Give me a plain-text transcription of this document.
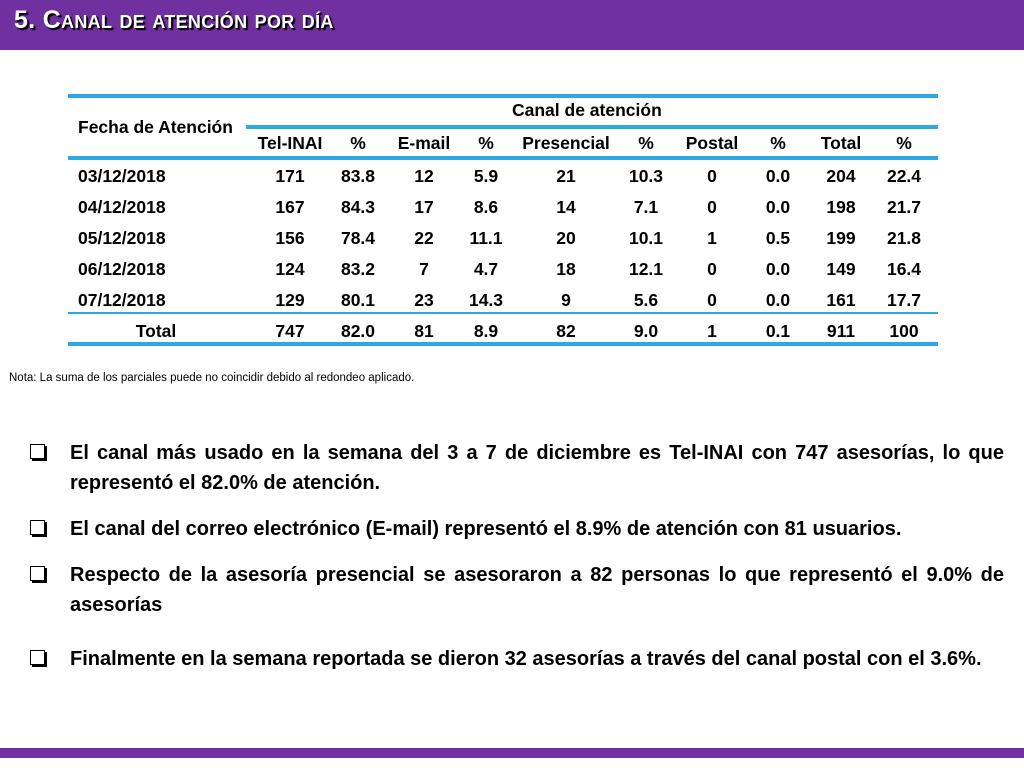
5. Canal de atención por día
Fecha de Atención
Canal de atención
Tel-INAI	%	E-mail	%	Presencial	%	Postal	%	Total	%
03/12/2018	171	83.8	12	5.9	21	10.3	0	0.0	204	22.4
04/12/2018	167	84.3	17	8.6	14	7.1	0	0.0	198	21.7
05/12/2018	156	78.4	22	11.1	20	10.1	1	0.5	199	21.8
06/12/2018	124	83.2	7	4.7	18	12.1	0	0.0	149	16.4
07/12/2018	129	80.1	23	14.3	9	5.6	0	0.0	161	17.7
Total	747	82.0	81	8.9	82	9.0	1	0.1	911	100
Nota: La suma de los parciales puede no coincidir debido al redondeo aplicado.
El canal más usado en la semana del 3 a 7 de diciembre es Tel-INAI con 747 asesorías, lo que representó el 82.0% de atención.
El canal del correo electrónico (E-mail) representó el 8.9% de atención con 81 usuarios.
Respecto de la asesoría presencial se asesoraron a 82 personas lo que representó el 9.0% de asesorías
Finalmente en la semana reportada se dieron 32 asesorías a través del canal postal con el 3.6%.
